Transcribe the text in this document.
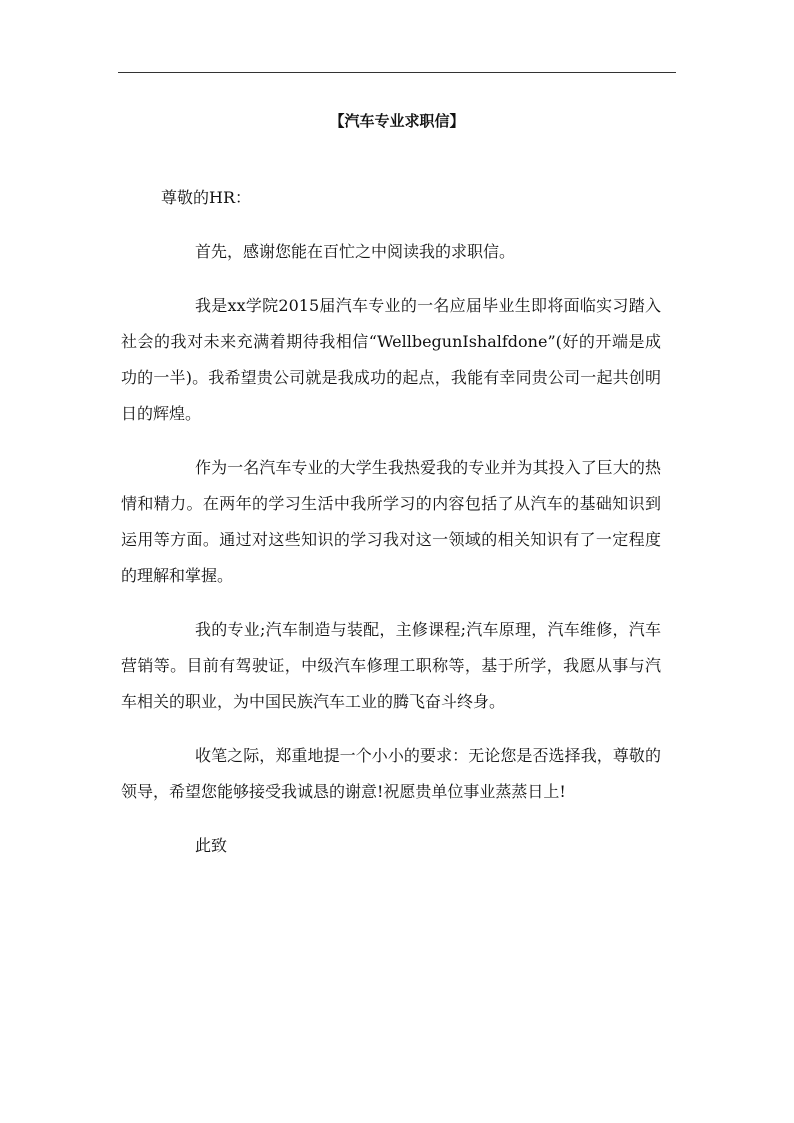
【汽车专业求职信】

尊敬的HR：

首先，感谢您能在百忙之中阅读我的求职信。

我是xx学院2015届汽车专业的一名应届毕业生即将面临实习踏入社会的我对未来充满着期待我相信“WellbegunIshalfdone”(好的开端是成功的一半)。我希望贵公司就是我成功的起点，我能有幸同贵公司一起共创明日的辉煌。

作为一名汽车专业的大学生我热爱我的专业并为其投入了巨大的热情和精力。在两年的学习生活中我所学习的内容包括了从汽车的基础知识到运用等方面。通过对这些知识的学习我对这一领域的相关知识有了一定程度的理解和掌握。

我的专业;汽车制造与装配，主修课程;汽车原理，汽车维修，汽车营销等。目前有驾驶证，中级汽车修理工职称等，基于所学，我愿从事与汽车相关的职业，为中国民族汽车工业的腾飞奋斗终身。

收笔之际，郑重地提一个小小的要求：无论您是否选择我，尊敬的领导，希望您能够接受我诚恳的谢意!祝愿贵单位事业蒸蒸日上!

此致
